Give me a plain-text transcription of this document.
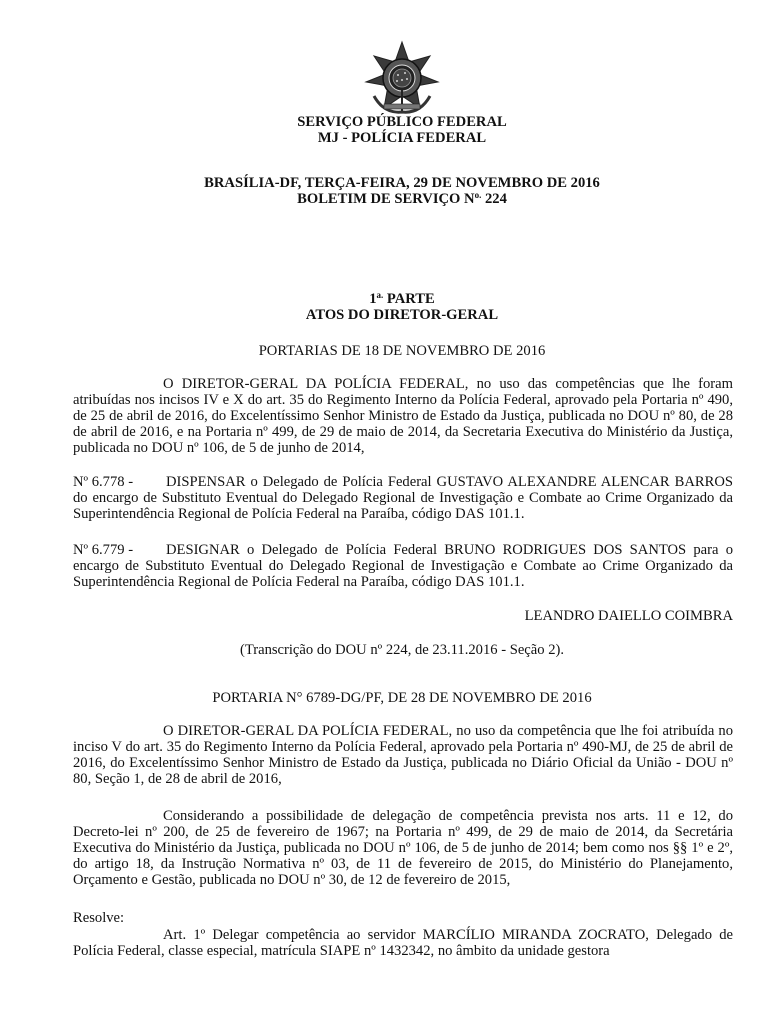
SERVIÇO PÚBLICO FEDERAL
MJ - POLÍCIA FEDERAL
BRASÍLIA-DF, TERÇA-FEIRA, 29 DE NOVEMBRO DE 2016
BOLETIM DE SERVIÇO $N^{o.}$ 224
$1^{a.}$ PARTE
ATOS DO DIRETOR-GERAL
PORTARIAS DE 18 DE NOVEMBRO DE 2016
O DIRETOR-GERAL DA POLÍCIA FEDERAL, no uso das competências que lhe foram atribuídas nos incisos IV e X do art. 35 do Regimento Interno da Polícia Federal, aprovado pela Portaria nº 490, de 25 de abril de 2016, do Excelentíssimo Senhor Ministro de Estado da Justiça, publicada no DOU nº 80, de 28 de abril de 2016, e na Portaria nº 499, de 29 de maio de 2014, da Secretaria Executiva do Ministério da Justiça, publicada no DOU nº 106, de 5 de junho de 2014,
Nº 6.778 - DISPENSAR o Delegado de Polícia Federal GUSTAVO ALEXANDRE ALENCAR BARROS do encargo de Substituto Eventual do Delegado Regional de Investigação e Combate ao Crime Organizado da Superintendência Regional de Polícia Federal na Paraíba, código DAS 101.1.
Nº 6.779 - DESIGNAR o Delegado de Polícia Federal BRUNO RODRIGUES DOS SANTOS para o encargo de Substituto Eventual do Delegado Regional de Investigação e Combate ao Crime Organizado da Superintendência Regional de Polícia Federal na Paraíba, código DAS 101.1.
LEANDRO DAIELLO COIMBRA
(Transcrição do DOU nº 224, de 23.11.2016 - Seção 2).
PORTARIA N° 6789-DG/PF, DE 28 DE NOVEMBRO DE 2016
O DIRETOR-GERAL DA POLÍCIA FEDERAL, no uso da competência que lhe foi atribuída no inciso V do art. 35 do Regimento Interno da Polícia Federal, aprovado pela Portaria nº 490-MJ, de 25 de abril de 2016, do Excelentíssimo Senhor Ministro de Estado da Justiça, publicada no Diário Oficial da União - DOU nº 80, Seção 1, de 28 de abril de 2016,
Considerando a possibilidade de delegação de competência prevista nos arts. 11 e 12, do Decreto-lei nº 200, de 25 de fevereiro de 1967; na Portaria nº 499, de 29 de maio de 2014, da Secretária Executiva do Ministério da Justiça, publicada no DOU nº 106, de 5 de junho de 2014; bem como nos §§ 1º e 2º, do artigo 18, da Instrução Normativa nº 03, de 11 de fevereiro de 2015, do Ministério do Planejamento, Orçamento e Gestão, publicada no DOU nº 30, de 12 de fevereiro de 2015,
Resolve:
Art. 1º Delegar competência ao servidor MARCÍLIO MIRANDA ZOCRATO, Delegado de Polícia Federal, classe especial, matrícula SIAPE nº 1432342, no âmbito da unidade gestora
